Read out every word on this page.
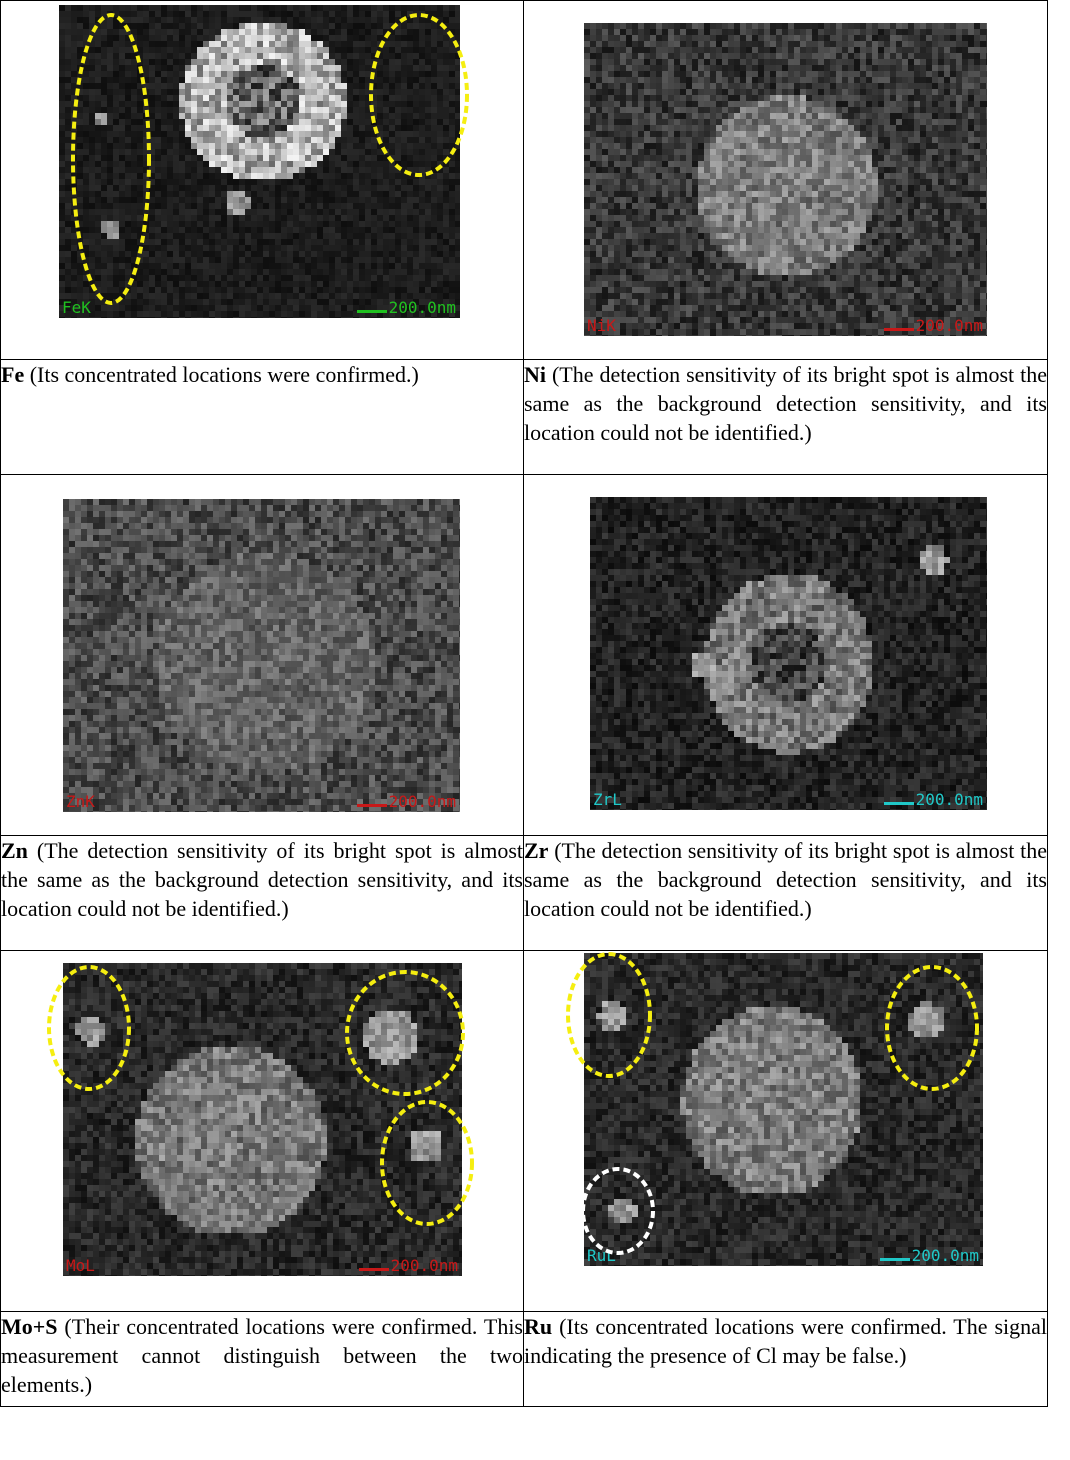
FeK 200.0nm	NiK 200.0nm

Fe (Its concentrated locations were confirmed.)	Ni (The detection sensitivity of its bright spot is almost the same as the background detection sensitivity, and its location could not be identified.)

ZnK 200.0nm	ZrL 200.0nm

Zn (The detection sensitivity of its bright spot is almost the same as the background detection sensitivity, and its location could not be identified.)	Zr (The detection sensitivity of its bright spot is almost the same as the background detection sensitivity, and its location could not be identified.)

MoL 200.0nm	RuL 200.0nm

Mo+S (Their concentrated locations were confirmed. This measurement cannot distinguish between the two elements.)	Ru (Its concentrated locations were confirmed. The signal indicating the presence of Cl may be false.)
